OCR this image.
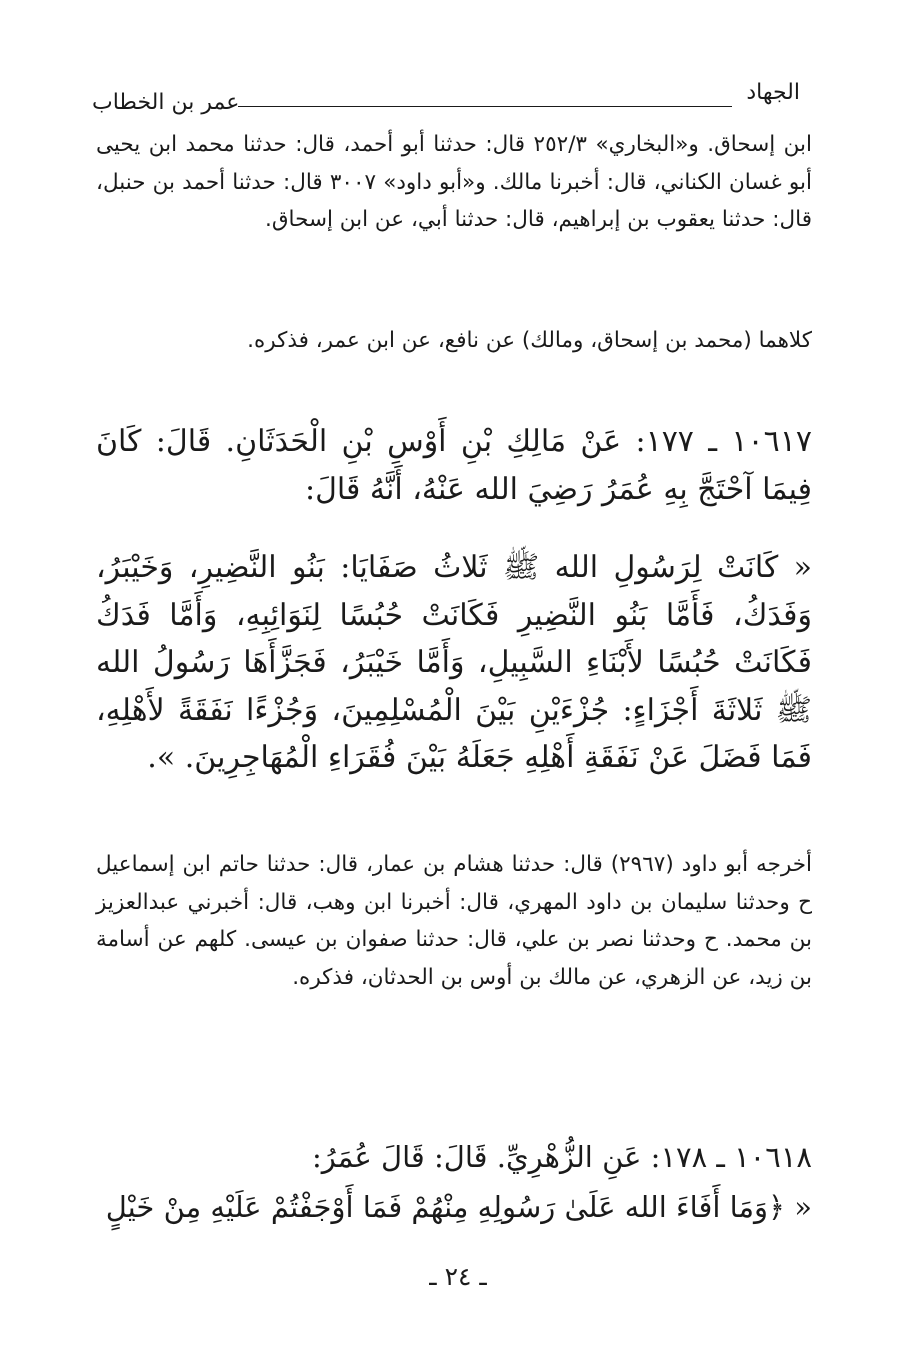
الجهاد
عمر بن الخطاب
ابن إسحاق. و«البخاري» ٢٥٢/٣ قال: حدثنا أبو أحمد، قال: حدثنا محمد ابن يحيى أبو غسان الكناني، قال: أخبرنا مالك. و«أبو داود» ٣٠٠٧ قال: حدثنا أحمد بن حنبل، قال: حدثنا يعقوب بن إبراهيم، قال: حدثنا أبي، عن ابن إسحاق.
كلاهما (محمد بن إسحاق، ومالك) عن نافع، عن ابن عمر، فذكره.
١٠٦١٧ ـ ١٧٧: عَنْ مَالِكِ بْنِ أَوْسِ بْنِ الْحَدَثَانِ. قَالَ: كَانَ فِيمَا آحْتَجَّ بِهِ عُمَرُ رَضِيَ الله عَنْهُ، أَنَّهُ قَالَ:
« كَانَتْ لِرَسُولِ الله ﷺ ثَلاثُ صَفَايَا: بَنُو النَّضِيرِ، وَخَيْبَرُ، وَفَدَكُ، فَأَمَّا بَنُو النَّضِيرِ فَكَانَتْ حُبُسًا لِنَوَائِبِهِ، وَأَمَّا فَدَكُ فَكَانَتْ حُبُسًا لأَبْنَاءِ السَّبِيلِ، وَأَمَّا خَيْبَرُ، فَجَزَّأَهَا رَسُولُ الله ﷺ ثَلاثَةَ أَجْزَاءٍ: جُزْءَيْنِ بَيْنَ الْمُسْلِمِينَ، وَجُزْءًا نَفَقَةً لأَهْلِهِ، فَمَا فَضَلَ عَنْ نَفَقَةِ أَهْلِهِ جَعَلَهُ بَيْنَ فُقَرَاءِ الْمُهَاجِرِينَ. ».
أخرجه أبو داود (٢٩٦٧) قال: حدثنا هشام بن عمار، قال: حدثنا حاتم ابن إسماعيل ح وحدثنا سليمان بن داود المهري، قال: أخبرنا ابن وهب، قال: أخبرني عبدالعزيز بن محمد. ح وحدثنا نصر بن علي، قال: حدثنا صفوان بن عيسى. كلهم عن أسامة بن زيد، عن الزهري، عن مالك بن أوس بن الحدثان، فذكره.
١٠٦١٨ ـ ١٧٨: عَنِ الزُّهْرِيِّ. قَالَ: قَالَ عُمَرُ:
« ﴿وَمَا أَفَاءَ الله عَلَىٰ رَسُولِهِ مِنْهُمْ فَمَا أَوْجَفْتُمْ عَلَيْهِ مِنْ خَيْلٍ
ـ ٢٤ ـ
